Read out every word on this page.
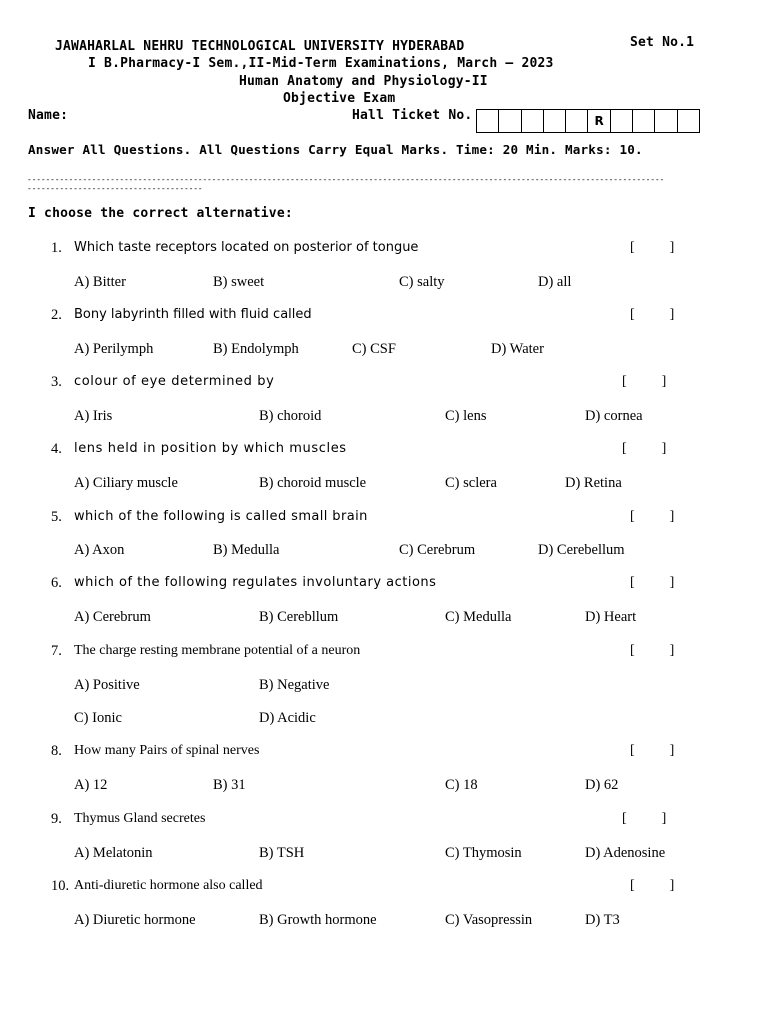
JAWAHARLAL NEHRU TECHNOLOGICAL UNIVERSITY HYDERABAD	Set No.1
I B.Pharmacy-I Sem.,II-Mid-Term Examinations, March – 2023
Human Anatomy and Physiology-II
Objective Exam
Name:	Hall Ticket No.	R
Answer All Questions. All Questions Carry Equal Marks. Time: 20 Min. Marks: 10.
--------------------------------------------------------------------------------------------------------------------------------------------------------------------------------
I choose the correct alternative:
1. Which taste receptors located on posterior of tongue	[          ]
A) Bitter	B) sweet	C) salty	D) all
2. Bony labyrinth filled with fluid called	[          ]
A) Perilymph	B) Endolymph	C) CSF	D) Water
3. colour of eye determined by	[          ]
A) Iris	B) choroid	C) lens	D) cornea
4. lens held in position by which muscles	[          ]
A) Ciliary muscle	B) choroid muscle	C) sclera	D) Retina
5. which of the following is called small brain	[          ]
A) Axon	B) Medulla	C) Cerebrum	D) Cerebellum
6. which of the following regulates involuntary actions	[          ]
A) Cerebrum	B) Cerebllum	C) Medulla	D) Heart
7. The charge resting membrane potential of a neuron	[          ]
A) Positive	B) Negative
C) Ionic	D) Acidic
8. How many Pairs of spinal nerves	[          ]
A) 12	B) 31	C) 18	D) 62
9. Thymus Gland secretes	[          ]
A) Melatonin	B) TSH	C) Thymosin	D) Adenosine
10. Anti-diuretic hormone also called	[          ]
A) Diuretic hormone	B) Growth hormone	C) Vasopressin	D) T3
